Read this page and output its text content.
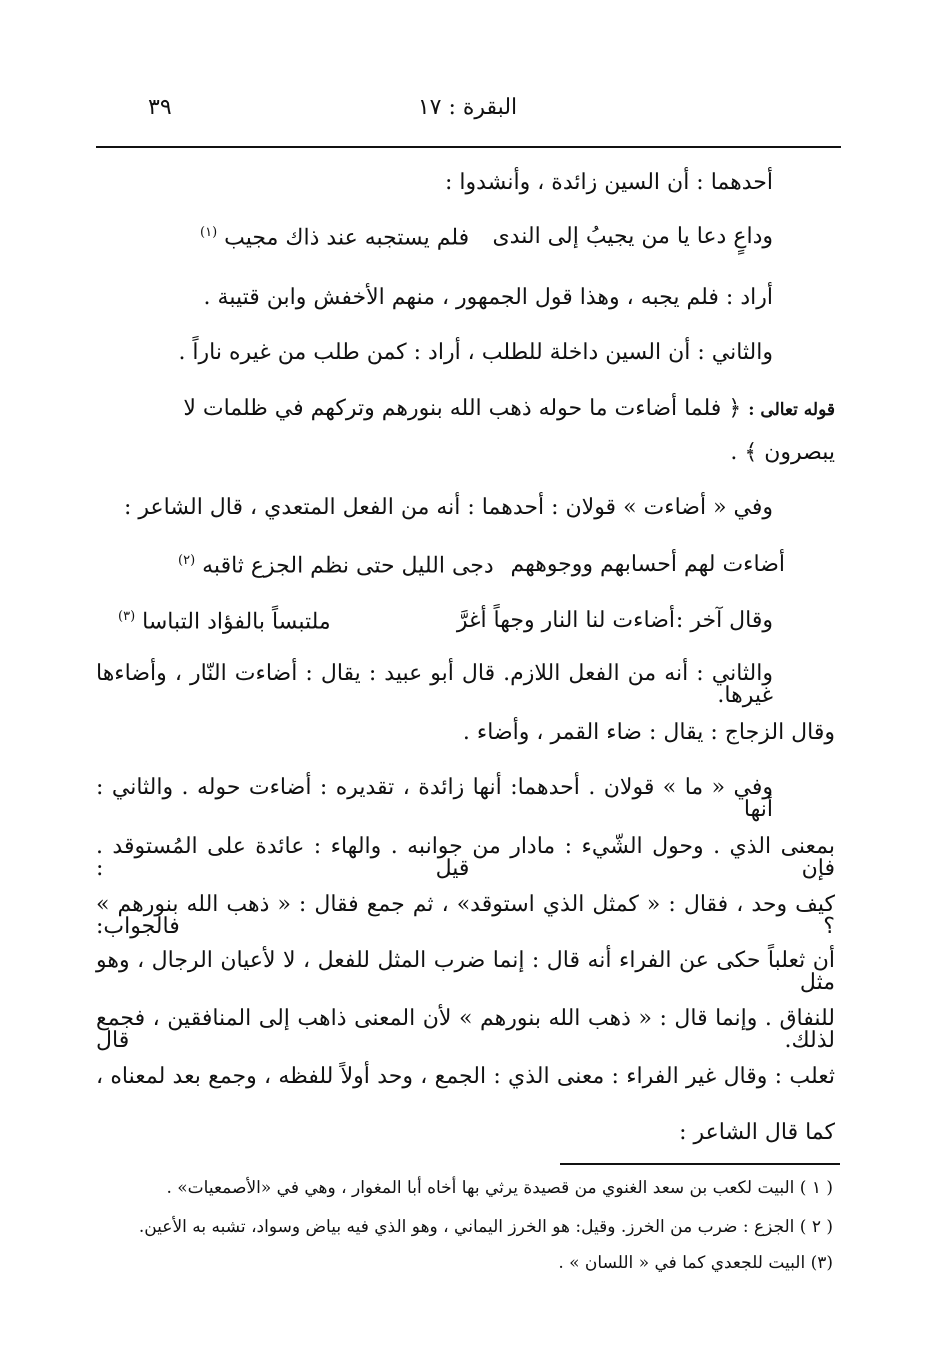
٣٩	البقرة : ١٧
أحدهما : أن السين زائدة ، وأنشدوا :
وداعٍ دعا يا من يجيبُ إلى الندى
فلم يستجبه عند ذاك مجيب $^{(١)}$
أراد : فلم يجبه ، وهذا قول الجمهور ، منهم الأخفش وابن قتيبة .
والثاني : أن السين داخلة للطلب ، أراد : كمن طلب من غيره ناراً .
قوله تعالى : ﴿ فلما أضاءت ما حوله ذهب الله بنورهم وتركهم في ظلمات لا
يبصرون ﴾ .
وفي « أضاءت » قولان : أحدهما : أنه من الفعل المتعدي ، قال الشاعر :
أضاءت لهم أحسابهم ووجوههم
دجى الليل حتى نظم الجزع ثاقبه $^{(٢)}$
وقال آخر :
أضاءت لنا النار وجهاً أغرَّ
ملتبساً بالفؤاد التباسا $^{(٣)}$
والثاني : أنه من الفعل اللازم. قال أبو عبيد : يقال : أضاءت النّار ، وأضاءها غيرها.
وقال الزجاج : يقال : ضاء القمر ، وأضاء .
وفي « ما » قولان . أحدهما: أنها زائدة ، تقديره : أضاءت حوله . والثاني : أنها
بمعنى الذي . وحول الشّيء : مادار من جوانبه . والهاء : عائدة على المُستوقد . فإن قيل :
كيف وحد ، فقال : « كمثل الذي استوقد» ، ثم جمع فقال : « ذهب الله بنورهم » ؟ فالجواب:
أن ثعلباً حكى عن الفراء أنه قال : إنما ضرب المثل للفعل ، لا لأعيان الرجال ، وهو مثل
للنفاق . وإنما قال : « ذهب الله بنورهم » لأن المعنى ذاهب إلى المنافقين ، فجمع لذلك. قال
ثعلب : وقال غير الفراء : معنى الذي : الجمع ، وحد أولاً للفظه ، وجمع بعد لمعناه ،
كما قال الشاعر :
( ١ ) البيت لكعب بن سعد الغنوي من قصيدة يرثي بها أخاه أبا المغوار ، وهي في «الأصمعيات» .
( ٢ ) الجزع : ضرب من الخرز. وقيل: هو الخرز اليماني ، وهو الذي فيه بياض وسواد، تشبه به الأعين.
(٣) البيت للجعدي كما في « اللسان » .
